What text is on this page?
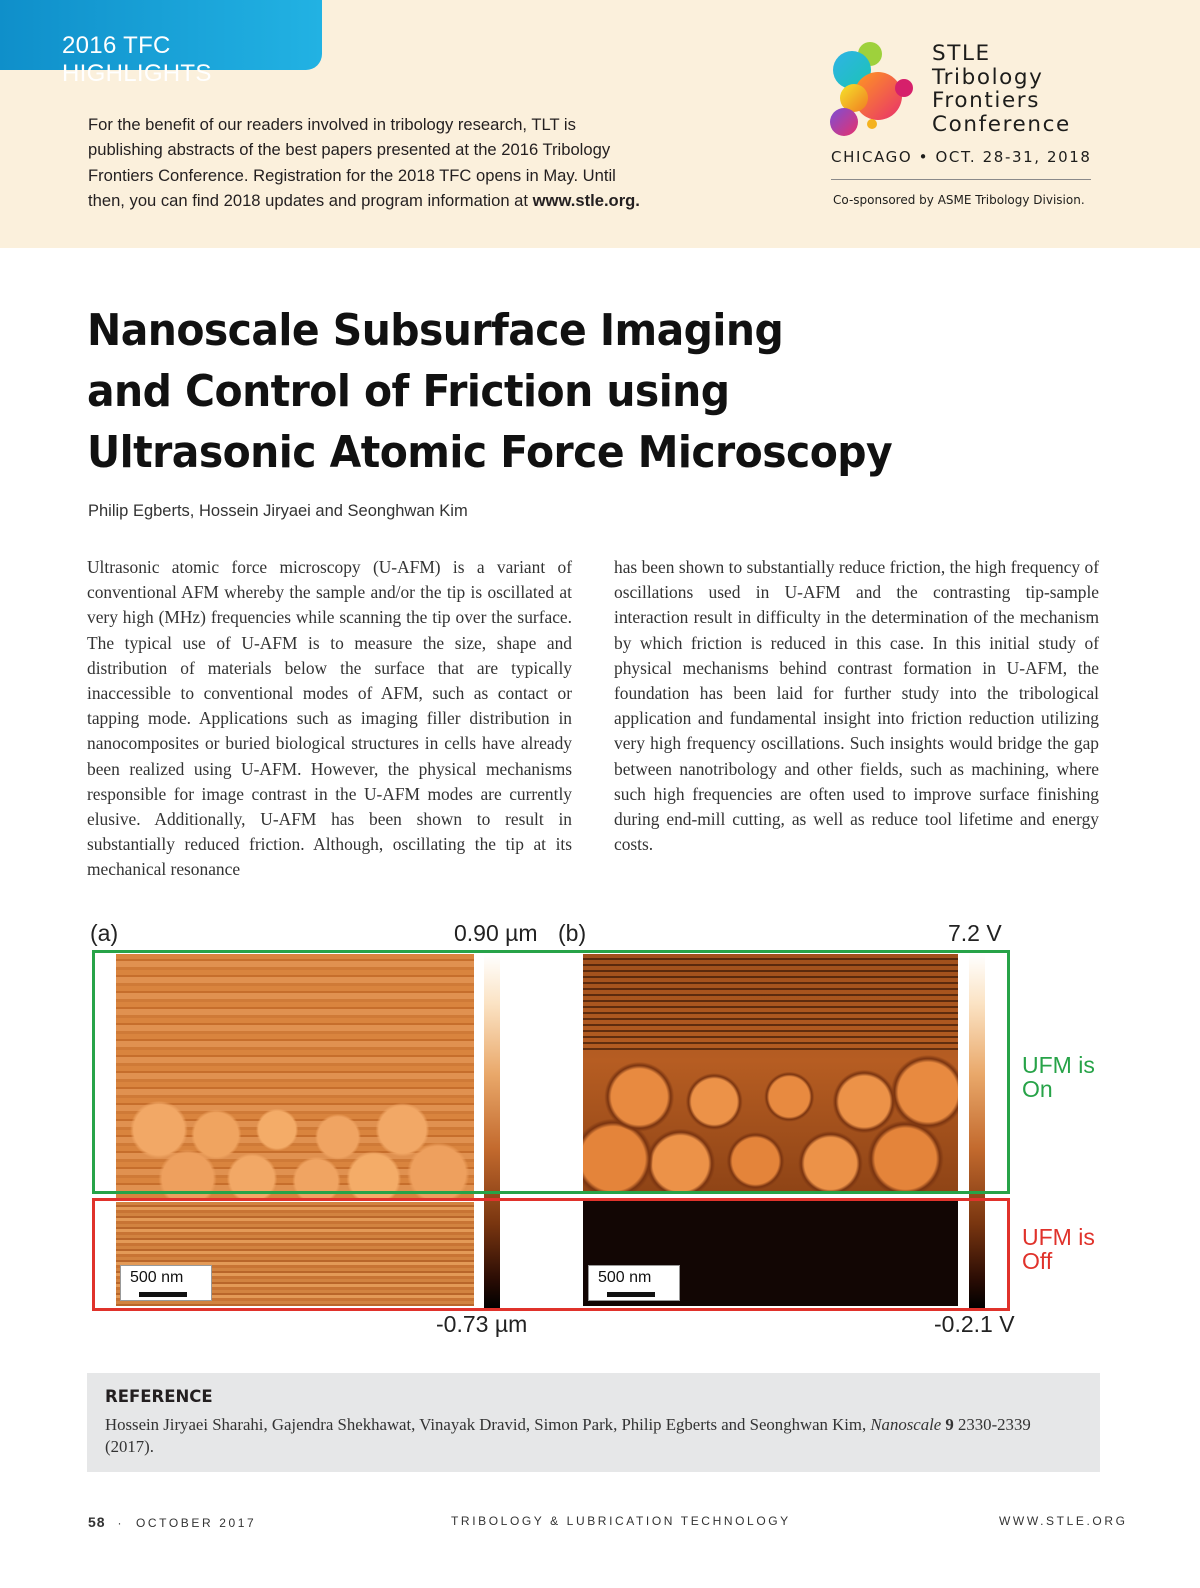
2016 TFC HIGHLIGHTS
For the benefit of our readers involved in tribology research, TLT is
publishing abstracts of the best papers presented at the 2016 Tribology
Frontiers Conference. Registration for the 2018 TFC opens in May. Until
then, you can find 2018 updates and program information at www.stle.org.
STLE
Tribology
Frontiers
Conference
CHICAGO • OCT. 28-31, 2018
Co-sponsored by ASME Tribology Division.
Nanoscale Subsurface Imaging
and Control of Friction using
Ultrasonic Atomic Force Microscopy
Philip Egberts, Hossein Jiryaei and Seonghwan Kim
Ultrasonic atomic force microscopy (U-AFM) is a variant of conventional AFM whereby the sample and/or the tip is oscillated at very high (MHz) frequencies while scanning the tip over the surface. The typical use of U-AFM is to measure the size, shape and distribution of materials below the surface that are typically inaccessible to conventional modes of AFM, such as contact or tapping mode. Applications such as imaging filler distribution in nanocomposites or buried biological structures in cells have already been realized using U-AFM. However, the physical mechanisms responsible for image contrast in the U-AFM modes are currently elusive. Additionally, U-AFM has been shown to result in substantially reduced friction. Although, oscillating the tip at its mechanical resonance
has been shown to substantially reduce friction, the high frequency of oscillations used in U-AFM and the contrasting tip-sample interaction result in difficulty in the determination of the mechanism by which friction is reduced in this case. In this initial study of physical mechanisms behind contrast formation in U-AFM, the foundation has been laid for further study into the tribological application and fundamental insight into friction reduction utilizing very high frequency oscillations. Such insights would bridge the gap between nanotribology and other fields, such as machining, where such high frequencies are often used to improve surface finishing during end-mill cutting, as well as reduce tool lifetime and energy costs.
(a)	0.90 µm (b)	7.2 V
UFM is
On
UFM is
Off
500 nm	500 nm
-0.73 µm	-0.2.1 V
REFERENCE
Hossein Jiryaei Sharahi, Gajendra Shekhawat, Vinayak Dravid, Simon Park, Philip Egberts and Seonghwan Kim, Nanoscale 9 2330-2339 (2017).
58 · OCTOBER 2017	TRIBOLOGY & LUBRICATION TECHNOLOGY	WWW.STLE.ORG
